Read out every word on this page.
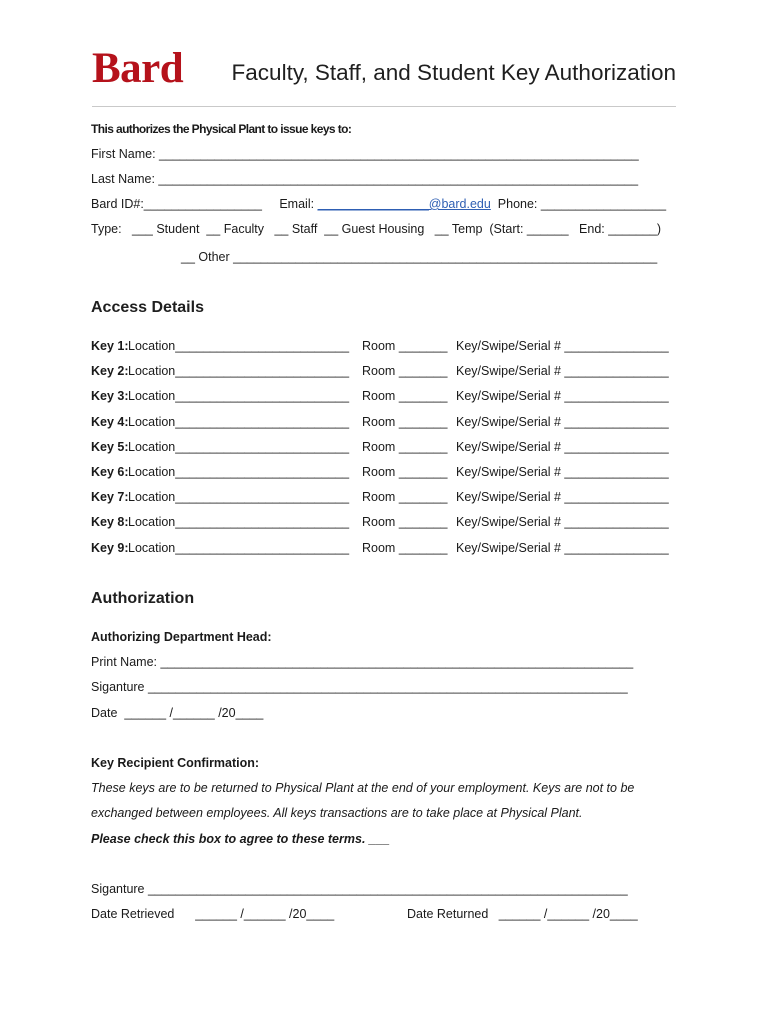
Bard Faculty, Staff, and Student Key Authorization
This authorizes the Physical Plant to issue keys to:
First Name: _____________________________________________________________________
Last Name: _____________________________________________________________________
Bard ID#:_________________     Email: ________________@bard.edu  Phone: __________________
Type:   ___ Student  __ Faculty   __ Staff  __ Guest Housing   __ Temp  (Start: ______   End: _______)
__ Other _____________________________________________________________
Access Details
Key 1: Location_________________________ Room _______ Key/Swipe/Serial # _______________
Key 2: Location_________________________ Room _______ Key/Swipe/Serial # _______________
Key 3: Location_________________________ Room _______ Key/Swipe/Serial # _______________
Key 4: Location_________________________ Room _______ Key/Swipe/Serial # _______________
Key 5: Location_________________________ Room _______ Key/Swipe/Serial # _______________
Key 6: Location_________________________ Room _______ Key/Swipe/Serial # _______________
Key 7: Location_________________________ Room _______ Key/Swipe/Serial # _______________
Key 8: Location_________________________ Room _______ Key/Swipe/Serial # _______________
Key 9: Location_________________________ Room _______ Key/Swipe/Serial # _______________
Authorization
Authorizing Department Head:
Print Name: ____________________________________________________________________
Siganture _____________________________________________________________________
Date  ______ /______ /20____
Key Recipient Confirmation:
These keys are to be returned to Physical Plant at the end of your employment. Keys are not to be
exchanged between employees. All keys transactions are to take place at Physical Plant.
Please check this box to agree to these terms. ___
Siganture _____________________________________________________________________
Date Retrieved      ______ /______ /20____	Date Returned   ______ /______ /20____
